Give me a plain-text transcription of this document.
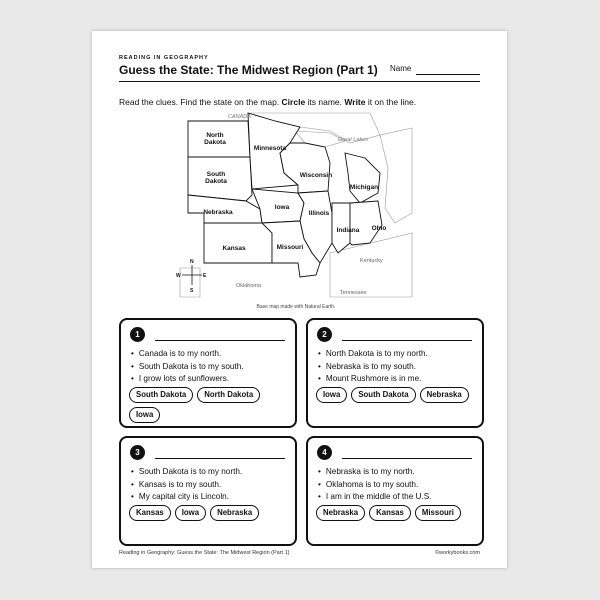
READING IN GEOGRAPHY
Guess the State: The Midwest Region (Part 1) Name
Read the clues. Find the state on the map. Circle its name. Write it on the line.
North
Dakota
South
Dakota
Minnesota
Wisconsin
Michigan
Nebraska
Iowa
Illinois
Indiana Ohio
Kansas	Missouri
CANADA
Great Lakes
Kentucky
Oklahoma
Tennessee
N
S
E
W
Base map made with Natural Earth.
1
• Canada is to my north.
• South Dakota is to my south.
• I grow lots of sunflowers.
South Dakota	North Dakota
Iowa
2
• North Dakota is to my north.
• Nebraska is to my south.
• Mount Rushmore is in me.
Iowa	South Dakota	Nebraska
3
• South Dakota is to my north.
• Kansas is to my south.
• My capital city is Lincoln.
Kansas	Iowa	Nebraska
4
• Nebraska is to my north.
• Oklahoma is to my south.
• I am in the middle of the U.S.
Nebraska	Kansas	Missouri
Reading in Geography: Guess the State: The Midwest Region (Part 1)	©workybooks.com
